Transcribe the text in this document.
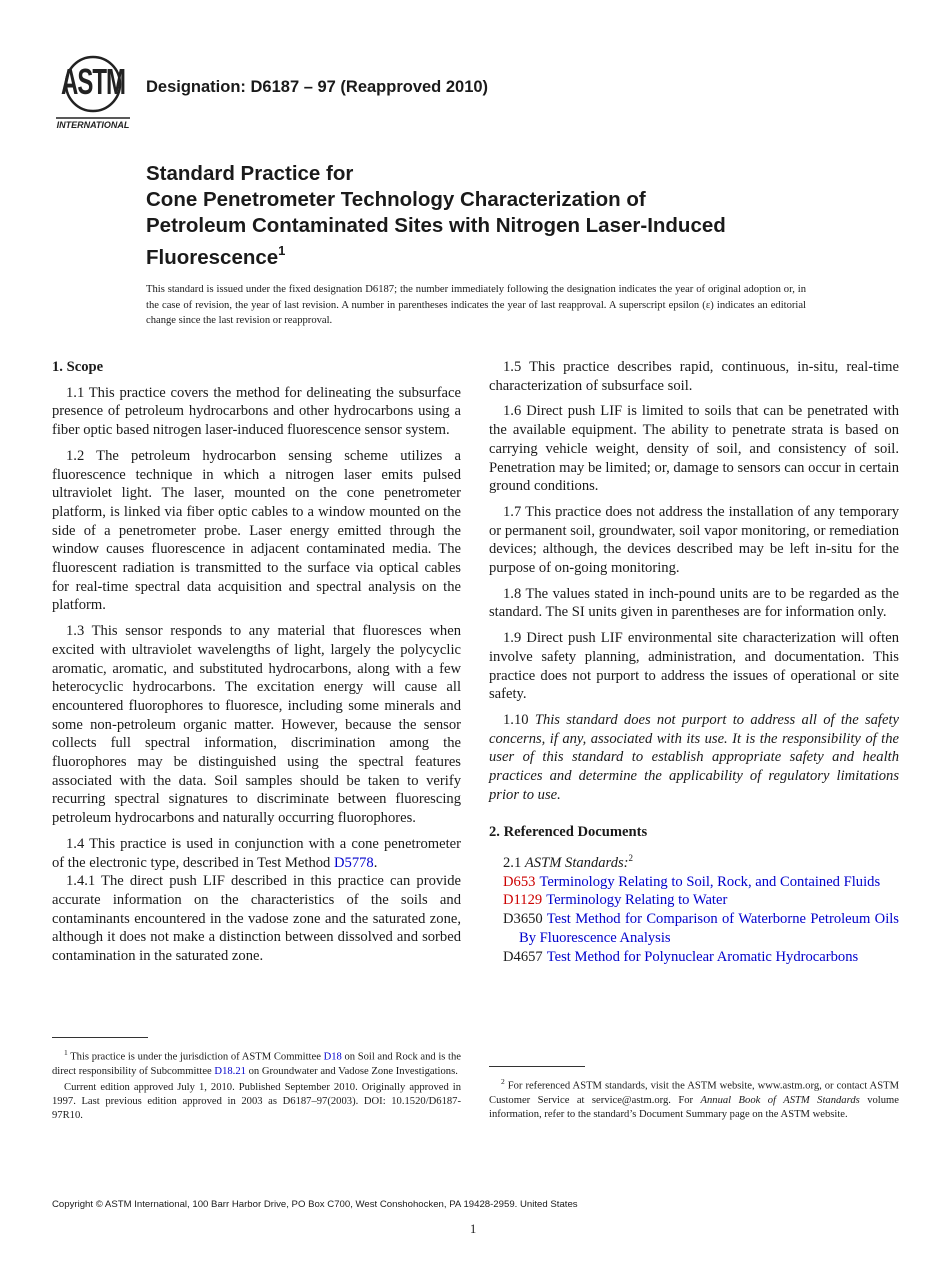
ASTM
INTERNATIONAL
Designation: D6187 – 97 (Reapproved 2010)
Standard Practice for
Cone Penetrometer Technology Characterization of
Petroleum Contaminated Sites with Nitrogen Laser-Induced
Fluorescence$^1$
This standard is issued under the fixed designation D6187; the number immediately following the designation indicates the year of original adoption or, in the case of revision, the year of last revision. A number in parentheses indicates the year of last reapproval. A superscript epsilon (ε) indicates an editorial change since the last revision or reapproval.

1. Scope

1.1 This practice covers the method for delineating the subsurface presence of petroleum hydrocarbons and other hydrocarbons using a fiber optic based nitrogen laser-induced fluorescence sensor system.

1.2 The petroleum hydrocarbon sensing scheme utilizes a fluorescence technique in which a nitrogen laser emits pulsed ultraviolet light. The laser, mounted on the cone penetrometer platform, is linked via fiber optic cables to a window mounted on the side of a penetrometer probe. Laser energy emitted through the window causes fluorescence in adjacent contaminated media. The fluorescent radiation is transmitted to the surface via optical cables for real-time spectral data acquisition and spectral analysis on the platform.

1.3 This sensor responds to any material that fluoresces when excited with ultraviolet wavelengths of light, largely the polycyclic aromatic, aromatic, and substituted hydrocarbons, along with a few heterocyclic hydrocarbons. The excitation energy will cause all encountered fluorophores to fluoresce, including some minerals and some non-petroleum organic matter. However, because the sensor collects full spectral information, discrimination among the fluorophores may be distinguished using the spectral features associated with the data. Soil samples should be taken to verify recurring spectral signatures to discriminate between fluorescing petroleum hydrocarbons and naturally occurring fluorophores.

1.4 This practice is used in conjunction with a cone penetrometer of the electronic type, described in Test Method D5778.

1.4.1 The direct push LIF described in this practice can provide accurate information on the characteristics of the soils and contaminants encountered in the vadose zone and the saturated zone, although it does not make a distinction between dissolved and sorbed contamination in the saturated zone.

1.5 This practice describes rapid, continuous, in-situ, real-time characterization of subsurface soil.

1.6 Direct push LIF is limited to soils that can be penetrated with the available equipment. The ability to penetrate strata is based on carrying vehicle weight, density of soil, and consistency of soil. Penetration may be limited; or, damage to sensors can occur in certain ground conditions.

1.7 This practice does not address the installation of any temporary or permanent soil, groundwater, soil vapor monitoring, or remediation devices; although, the devices described may be left in-situ for the purpose of on-going monitoring.

1.8 The values stated in inch-pound units are to be regarded as the standard. The SI units given in parentheses are for information only.

1.9 Direct push LIF environmental site characterization will often involve safety planning, administration, and documentation. This practice does not purport to address the issues of operational or site safety.

1.10 This standard does not purport to address all of the safety concerns, if any, associated with its use. It is the responsibility of the user of this standard to establish appropriate safety and health practices and determine the applicability of regulatory limitations prior to use.

2. Referenced Documents

2.1 ASTM Standards:$^2$

D653 Terminology Relating to Soil, Rock, and Contained Fluids
D1129 Terminology Relating to Water
D3650 Test Method for Comparison of Waterborne Petroleum Oils By Fluorescence Analysis
D4657 Test Method for Polynuclear Aromatic Hydrocarbons

$^1$ This practice is under the jurisdiction of ASTM Committee D18 on Soil and Rock and is the direct responsibility of Subcommittee D18.21 on Groundwater and Vadose Zone Investigations.

Current edition approved July 1, 2010. Published September 2010. Originally approved in 1997. Last previous edition approved in 2003 as D6187–97(2003). DOI: 10.1520/D6187-97R10.

$^2$ For referenced ASTM standards, visit the ASTM website, www.astm.org, or contact ASTM Customer Service at service@astm.org. For Annual Book of ASTM Standards volume information, refer to the standard’s Document Summary page on the ASTM website.

Copyright © ASTM International, 100 Barr Harbor Drive, PO Box C700, West Conshohocken, PA 19428-2959. United States
1
